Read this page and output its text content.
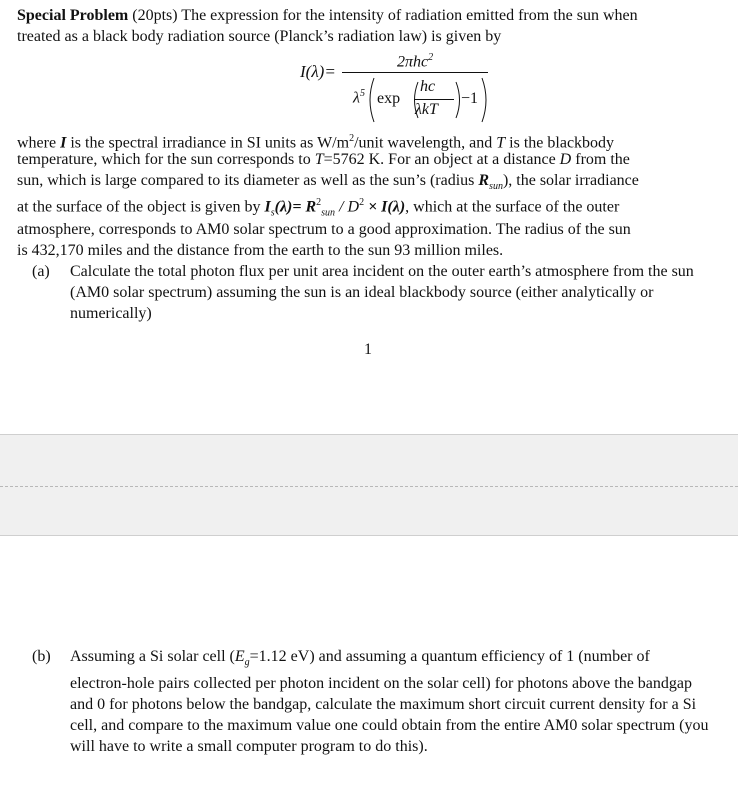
Special Problem (20pts) The expression for the intensity of radiation emitted from the sun when
treated as a black body radiation source (Planck’s radiation law) is given by
I(λ)=
2πhc$^2$
$\lambda^5$ exp
hc
λkT
−1
where I is the spectral irradiance in SI units as $W/m^2$/unit wavelength, and T is the blackbody
temperature, which for the sun corresponds to T=5762 K. For an object at a distance D from the
sun, which is large compared to its diameter as well as the sun’s (radius $R_{sun}$), the solar irradiance
at the surface of the object is given by $I_s(\lambda)= R^2_{sun} / D^2 \times I(\lambda)$, which at the surface of the outer
atmosphere, corresponds to AM0 solar spectrum to a good approximation. The radius of the sun
is 432,170 miles and the distance from the earth to the sun 93 million miles.
(a) Calculate the total photon flux per unit area incident on the outer earth’s atmosphere from the sun (AM0 solar spectrum) assuming the sun is an ideal blackbody source (either analytically or numerically)
1
(b) Assuming a Si solar cell ($E_g=1.12$ eV) and assuming a quantum efficiency of 1 (number of electron-hole pairs collected per photon incident on the solar cell) for photons above the bandgap and 0 for photons below the bandgap, calculate the maximum short circuit current density for a Si cell, and compare to the maximum value one could obtain from the entire AM0 solar spectrum (you will have to write a small computer program to do this).
